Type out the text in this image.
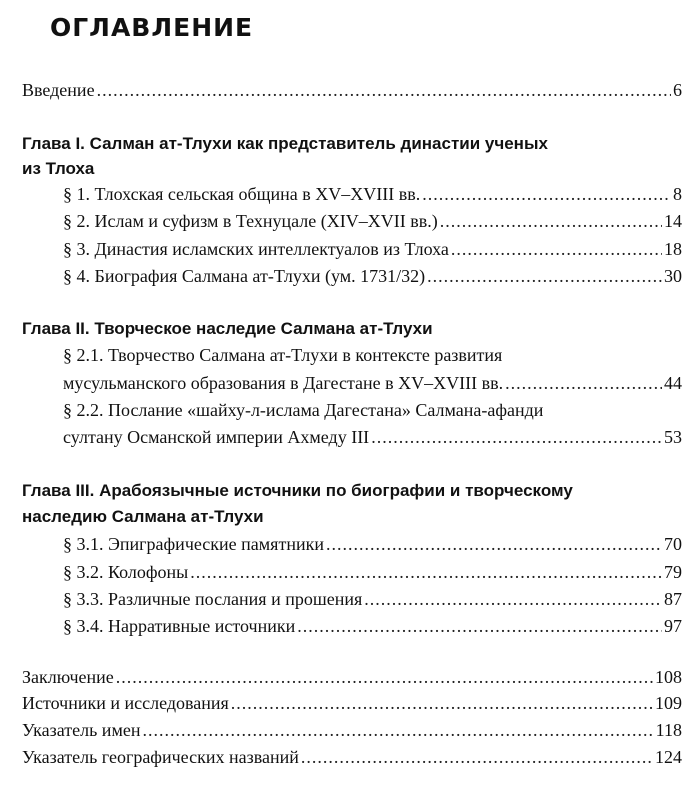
ОГЛАВЛЕНИЕ
Введение .....	6

Глава I. Салман ат-Тлухи как представитель династии ученых

из Тлоха

§ 1. Тлохская сельская община в XV–XVIII вв. .....	8
§ 2. Ислам и суфизм в Технуцале (XIV–XVII вв.) .....	14
§ 3. Династия исламских интеллектуалов из Тлоха .....	18
§ 4. Биография Салмана ат-Тлухи (ум. 1731/32) .....	30

Глава II. Творческое наследие Салмана ат-Тлухи

§ 2.1. Творчество Салмана ат-Тлухи в контексте развития
мусульманского образования в Дагестане в XV–XVIII вв. .....	44
§ 2.2. Послание «шайху-л-ислама Дагестана» Салмана-афанди
султану Османской империи Ахмеду III .....	53

Глава III. Арабоязычные источники по биографии и творческому

наследию Салмана ат-Тлухи

§ 3.1. Эпиграфические памятники .....	70
§ 3.2. Колофоны .....	79
§ 3.3. Различные послания и прошения .....	87
§ 3.4. Нарративные источники .....	97
Заключение .....	108
Источники и исследования .....	109
Указатель имен .....	118
Указатель географических названий .....	124
